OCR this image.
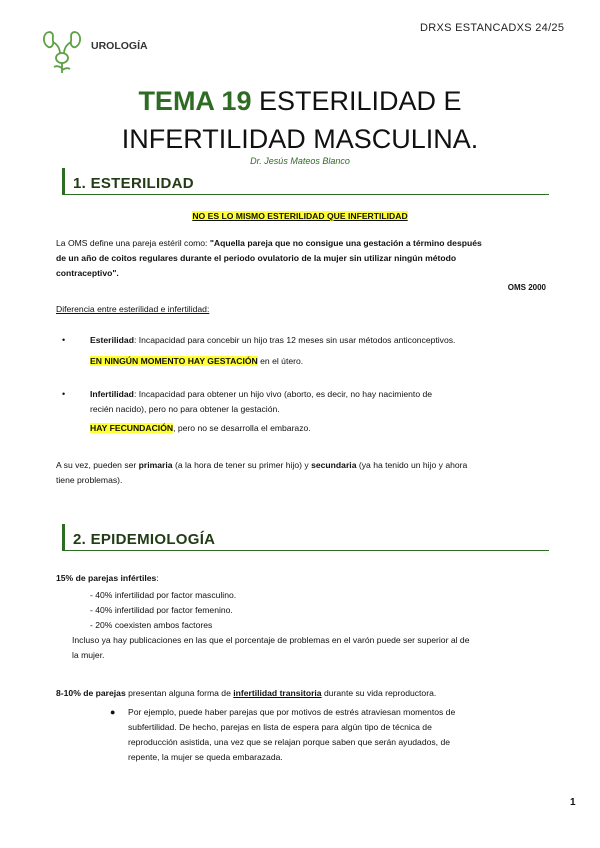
DRXS ESTANCADXS 24/25
UROLOGÍA
TEMA 19 ESTERILIDAD E
INFERTILIDAD MASCULINA.
Dr. Jesús Mateos Blanco
1. ESTERILIDAD
NO ES LO MISMO ESTERILIDAD QUE INFERTILIDAD
La OMS define una pareja estéril como: "Aquella pareja que no consigue una gestación a término después
de un año de coitos regulares durante el periodo ovulatorio de la mujer sin utilizar ningún método
contraceptivo".
OMS 2000
Diferencia entre esterilidad e infertilidad:
•	Esterilidad: Incapacidad para concebir un hijo tras 12 meses sin usar métodos anticonceptivos.
EN NINGÚN MOMENTO HAY GESTACIÓN en el útero.
•	Infertilidad: Incapacidad para obtener un hijo vivo (aborto, es decir, no hay nacimiento de
recién nacido), pero no para obtener la gestación.
HAY FECUNDACIÓN, pero no se desarrolla el embarazo.
A su vez, pueden ser primaria (a la hora de tener su primer hijo) y secundaria (ya ha tenido un hijo y ahora
tiene problemas).
2. EPIDEMIOLOGÍA
15% de parejas infértiles:
- 40% infertilidad por factor masculino.
- 40% infertilidad por factor femenino.
- 20% coexisten ambos factores
Incluso ya hay publicaciones en las que el porcentaje de problemas en el varón puede ser superior al de
la mujer.
8-10% de parejas presentan alguna forma de infertilidad transitoria durante su vida reproductora.
● Por ejemplo, puede haber parejas que por motivos de estrés atraviesan momentos de
subfertilidad. De hecho, parejas en lista de espera para algún tipo de técnica de
reproducción asistida, una vez que se relajan porque saben que serán ayudados, de
repente, la mujer se queda embarazada.
1
